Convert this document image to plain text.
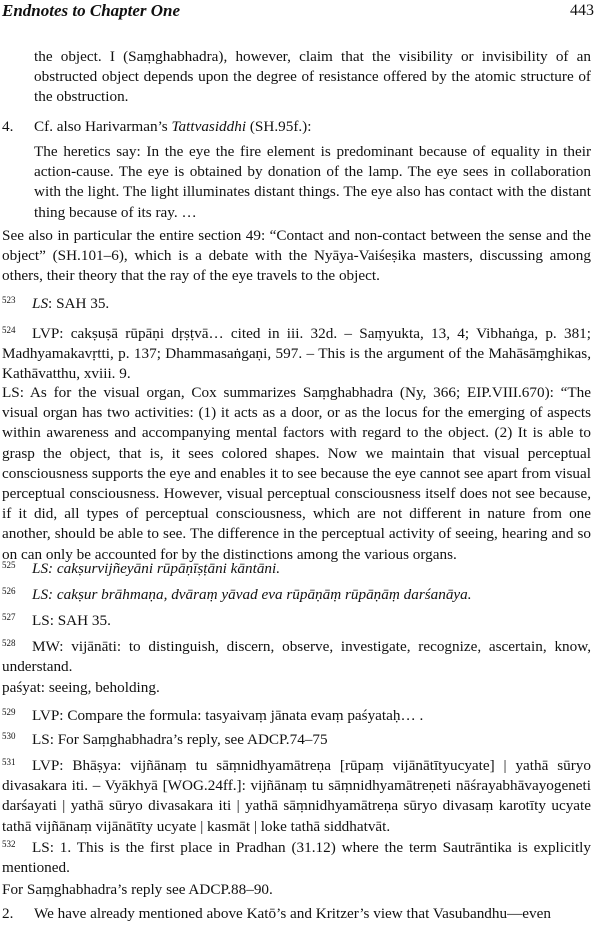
Endnotes to Chapter One	443

the object. I (Saṃghabhadra), however, claim that the visibility or invisibility of an obstructed object depends upon the degree of resistance offered by the atomic structure of the obstruction.

4. Cf. also Harivarman’s Tattvasiddhi (SH.95f.):

The heretics say: In the eye the fire element is predominant because of equality in their action-cause. The eye is obtained by donation of the lamp. The eye sees in collaboration with the light. The light illuminates distant things. The eye also has contact with the distant thing because of its ray. …

See also in particular the entire section 49: “Contact and non-contact between the sense and the object” (SH.101–6), which is a debate with the Nyāya-Vaiśeṣika masters, discussing among others, their theory that the ray of the eye travels to the object.

523 LS: SAH 35.

524 LVP: cakṣuṣā rūpāṇi dṛṣṭvā… cited in iii. 32d. – Saṃyukta, 13, 4; Vibhaṅga, p. 381; Madhyamakavṛtti, p. 137; Dhammasaṅgaṇi, 597. – This is the argument of the Mahāsāṃghikas, Kathāvatthu, xviii. 9.

LS: As for the visual organ, Cox summarizes Saṃghabhadra (Ny, 366; EIP.VIII.670): “The visual organ has two activities: (1) it acts as a door, or as the locus for the emerging of aspects within awareness and accompanying mental factors with regard to the object. (2) It is able to grasp the object, that is, it sees colored shapes. Now we maintain that visual perceptual consciousness supports the eye and enables it to see because the eye cannot see apart from visual perceptual consciousness. However, visual perceptual consciousness itself does not see because, if it did, all types of perceptual consciousness, which are not different in nature from one another, should be able to see. The difference in the perceptual activity of seeing, hearing and so on can only be accounted for by the distinctions among the various organs.

525 LS: cakṣurvijñeyāni rūpāṇīṣṭāni kāntāni.
526 LS: cakṣur brāhmaṇa, dvāraṃ yāvad eva rūpāṇāṃ rūpāṇāṃ darśanāya.
527 LS: SAH 35.

528 MW: vijānāti: to distinguish, discern, observe, investigate, recognize, ascertain, know, understand.

paśyat: seeing, beholding.
529 LVP: Compare the formula: tasyaivaṃ jānata evaṃ paśyataḥ… .
530 LS: For Saṃghabhadra’s reply, see ADCP.74–75

531 LVP: Bhāṣya: vijñānaṃ tu sāṃnidhyamātreṇa [rūpaṃ vijānātītyucyate] | yathā sūryo divasakara iti. – Vyākhyā [WOG.24ff.]: vijñānaṃ tu sāṃnidhyamātreṇeti nāśrayabhāvayogeneti darśayati | yathā sūryo divasakara iti | yathā sāṃnidhyamātreṇa sūryo divasaṃ karotīty ucyate tathā vijñānaṃ vijānātīty ucyate | kasmāt | loke tathā siddhatvāt.

532 LS: 1. This is the first place in Pradhan (31.12) where the term Sautrāntika is explicitly mentioned.

For Saṃghabhadra’s reply see ADCP.88–90.
2. We have already mentioned above Katō’s and Kritzer’s view that Vasubandhu—even
